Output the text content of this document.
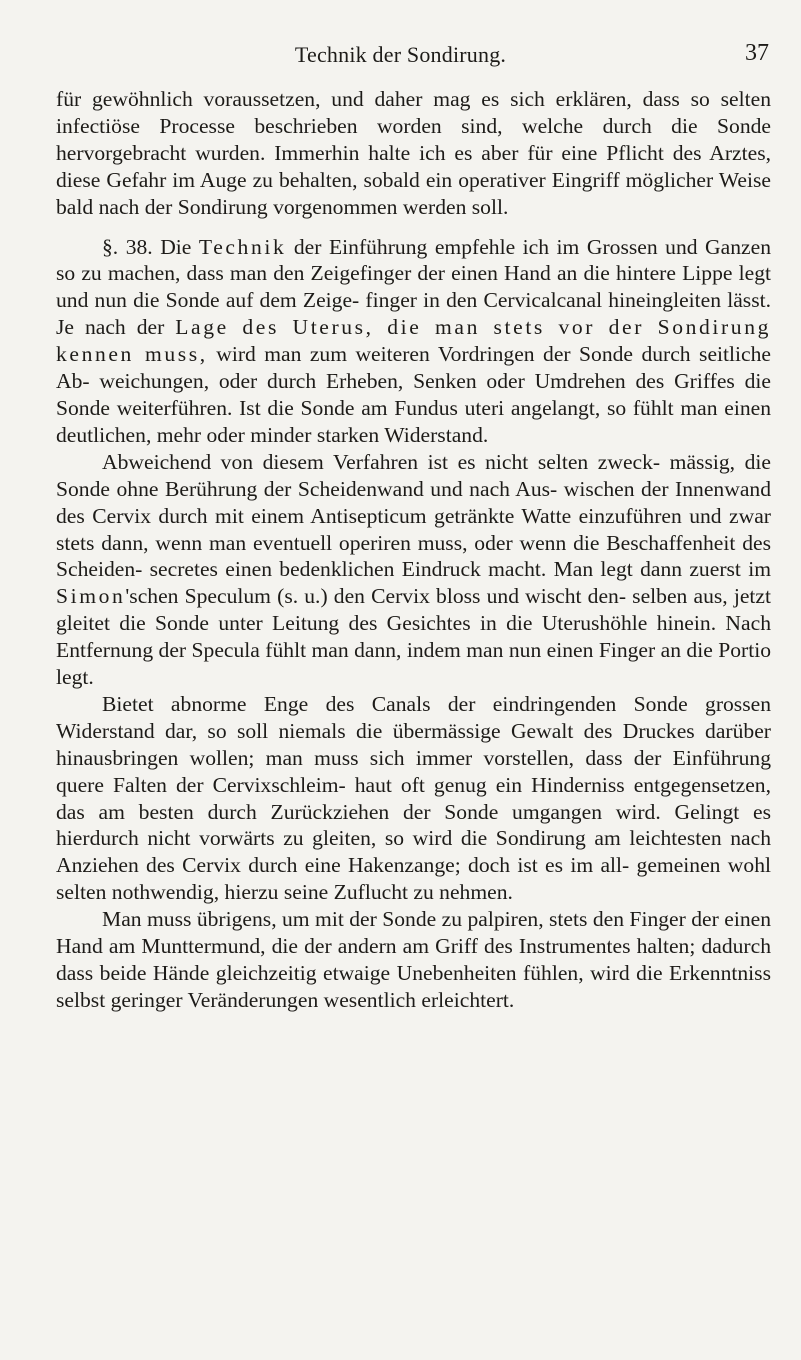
Technik der Sondirung.	37

für gewöhnlich voraussetzen, und daher mag es sich erklären, dass so selten infectiöse Processe beschrieben worden sind, welche durch die Sonde hervorgebracht wurden. Immerhin halte ich es aber für eine Pflicht des Arztes, diese Gefahr im Auge zu behalten, sobald ein operativer Eingriff möglicher Weise bald nach der Sondirung vorgenommen werden soll.

§. 38. Die Technik der Einführung empfehle ich im Grossen und Ganzen so zu machen, dass man den Zeigefinger der einen Hand an die hintere Lippe legt und nun die Sonde auf dem Zeige- finger in den Cervicalcanal hineingleiten lässt. Je nach der Lage des Uterus, die man stets vor der Sondirung kennen muss, wird man zum weiteren Vordringen der Sonde durch seitliche Ab- weichungen, oder durch Erheben, Senken oder Umdrehen des Griffes die Sonde weiterführen. Ist die Sonde am Fundus uteri angelangt, so fühlt man einen deutlichen, mehr oder minder starken Widerstand.

Abweichend von diesem Verfahren ist es nicht selten zweck- mässig, die Sonde ohne Berührung der Scheidenwand und nach Aus- wischen der Innenwand des Cervix durch mit einem Antisepticum getränkte Watte einzuführen und zwar stets dann, wenn man eventuell operiren muss, oder wenn die Beschaffenheit des Scheiden- secretes einen bedenklichen Eindruck macht. Man legt dann zuerst im Simon'schen Speculum (s. u.) den Cervix bloss und wischt den- selben aus, jetzt gleitet die Sonde unter Leitung des Gesichtes in die Uterushöhle hinein. Nach Entfernung der Specula fühlt man dann, indem man nun einen Finger an die Portio legt.

Bietet abnorme Enge des Canals der eindringenden Sonde grossen Widerstand dar, so soll niemals die übermässige Gewalt des Druckes darüber hinausbringen wollen; man muss sich immer vorstellen, dass der Einführung quere Falten der Cervixschleim- haut oft genug ein Hinderniss entgegensetzen, das am besten durch Zurückziehen der Sonde umgangen wird. Gelingt es hierdurch nicht vorwärts zu gleiten, so wird die Sondirung am leichtesten nach Anziehen des Cervix durch eine Hakenzange; doch ist es im all- gemeinen wohl selten nothwendig, hierzu seine Zuflucht zu nehmen.

Man muss übrigens, um mit der Sonde zu palpiren, stets den Finger der einen Hand am Munttermund, die der andern am Griff des Instrumentes halten; dadurch dass beide Hände gleichzeitig etwaige Unebenheiten fühlen, wird die Erkenntniss selbst geringer Veränderungen wesentlich erleichtert.
